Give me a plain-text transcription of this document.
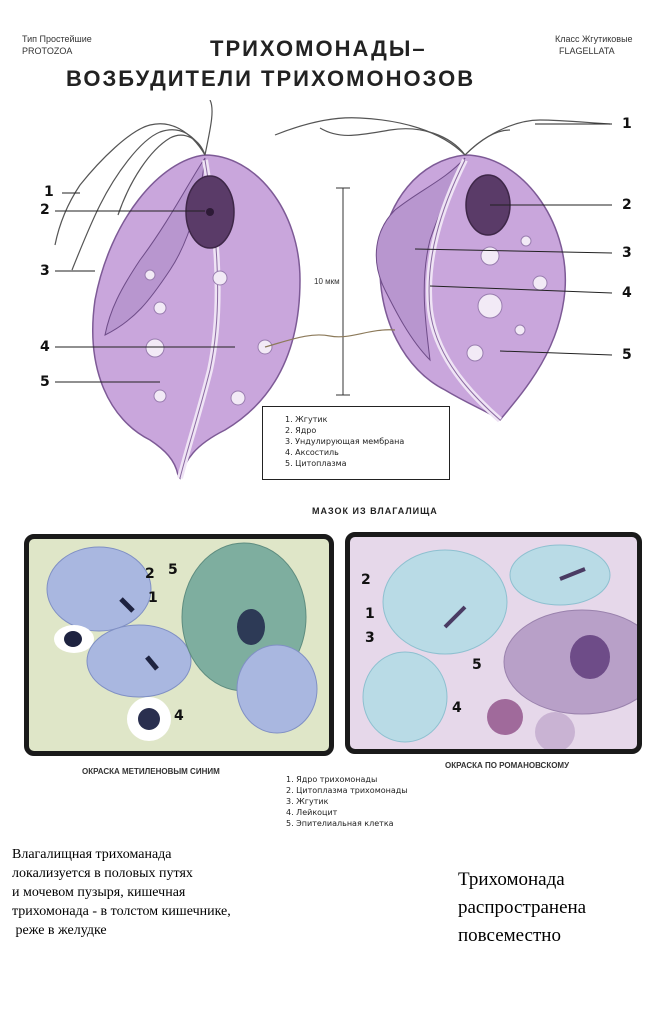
Тип Простейшие
PROTOZOA
Класс Жгутиковые
FLAGELLATA
ТРИХОМОНАДЫ–
ВОЗБУДИТЕЛИ ТРИХОМОНОЗОВ
1
2
3
4
5
1
2
3
4
5
10 мкм
1. Жгутик
2. Ядро
3. Ундулирующая мембрана
4. Аксостиль
5. Цитоплазма
МАЗОК ИЗ ВЛАГАЛИЩА
2
1
5
4
2
1
3
5
4
ОКРАСКА МЕТИЛЕНОВЫМ СИНИМ
ОКРАСКА ПО РОМАНОВСКОМУ
1. Ядро трихомонады
2. Цитоплазма трихомонады
3. Жгутик
4. Лейкоцит
5. Эпителиальная клетка
Влагалищная трихоманада
локализуется в половых путях
и мочевом пузыря, кишечная
трихомонада - в толстом кишечнике,
реже в желудке
Трихомонада
распространена
повсеместно
